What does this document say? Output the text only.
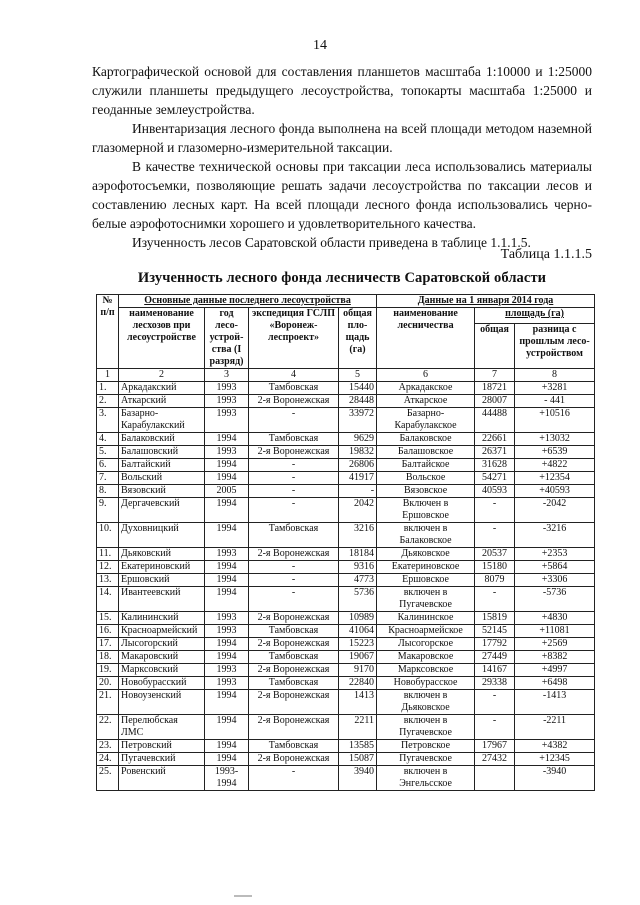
14

Картографической основой для составления планшетов масштаба 1:10000 и 1:25000 служили планшеты предыдущего лесоустройства, топокарты масштаба 1:25000 и геоданные землеустройства.

Инвентаризация лесного фонда выполнена на всей площади методом наземной глазомерной и глазомерно-измерительной таксации.

В качестве технической основы при таксации леса использовались материалы аэрофотосъемки, позволяющие решать задачи лесоустройства по таксации лесов и составлению лесных карт. На всей площади лесного фонда использовались черно-белые аэрофотоснимки хорошего и удовлетворительного качества.

Изученность лесов Саратовской области приведена в таблице 1.1.1.5.

Таблица 1.1.1.5
Изученность лесного фонда лесничеств Саратовской области
№
п/п	Основные данные последнего лесоустройства				Данные на 1 января 2014 года		
	наименование лесхозов при лесоустройстве	год лесо-устрой-ства (I разряд)	экспедиция ГСЛП «Воронеж-леспроект»	общая пло-щадь (га)	наименование лесничества	площадь (га)	
						общая	разница с прошлым лесо-устройством
1	2	3	4	5	6	7	8
1.	Аркадакский	1993	Тамбовская	15440	Аркадакское	18721	+3281
2.	Аткарский	1993	2-я Воронежская	28448	Аткарское	28007	- 441
3.	Базарно-Карабулакский	1993	-	33972	Базарно-Карабулакское	44488	+10516
4.	Балаковский	1994	Тамбовская	9629	Балаковское	22661	+13032
5.	Балашовский	1993	2-я Воронежская	19832	Балашовское	26371	+6539
6.	Балтайский	1994	-	26806	Балтайское	31628	+4822
7.	Вольский	1994	-	41917	Вольское	54271	+12354
8.	Вязовский	2005	-	-	Вязовское	40593	+40593
9.	Дергачевский	1994	-	2042	Включен в Ершовское	-	-2042
10.	Духовницкий	1994	Тамбовская	3216	включен в Балаковское	-	-3216
11.	Дьяковский	1993	2-я Воронежская	18184	Дьяковское	20537	+2353
12.	Екатериновский	1994	-	9316	Екатериновское	15180	+5864
13.	Ершовский	1994	-	4773	Ершовское	8079	+3306
14.	Ивантеевский	1994	-	5736	включен в Пугачевское	-	-5736
15.	Калининский	1993	2-я Воронежская	10989	Калининское	15819	+4830
16.	Красноармейский	1993	Тамбовская	41064	Красноармейское	52145	+11081
17.	Лысогорский	1994	2-я Воронежская	15223	Лысогорское	17792	+2569
18.	Макаровский	1994	Тамбовская	19067	Макаровское	27449	+8382
19.	Марксовский	1993	2-я Воронежская	9170	Марксовское	14167	+4997
20.	Новобурасский	1993	Тамбовская	22840	Новобурасское	29338	+6498
21.	Новоузенский	1994	2-я Воронежская	1413	включен в Дьяковское	-	-1413
22.	Перелюбская ЛМС	1994	2-я Воронежская	2211	включен в Пугачевское	-	-2211
23.	Петровский	1994	Тамбовская	13585	Петровское	17967	+4382
24.	Пугачевский	1994	2-я Воронежская	15087	Пугачевское	27432	+12345
25.	Ровенский	1993-1994	-	3940	включен в Энгельсское		-3940
